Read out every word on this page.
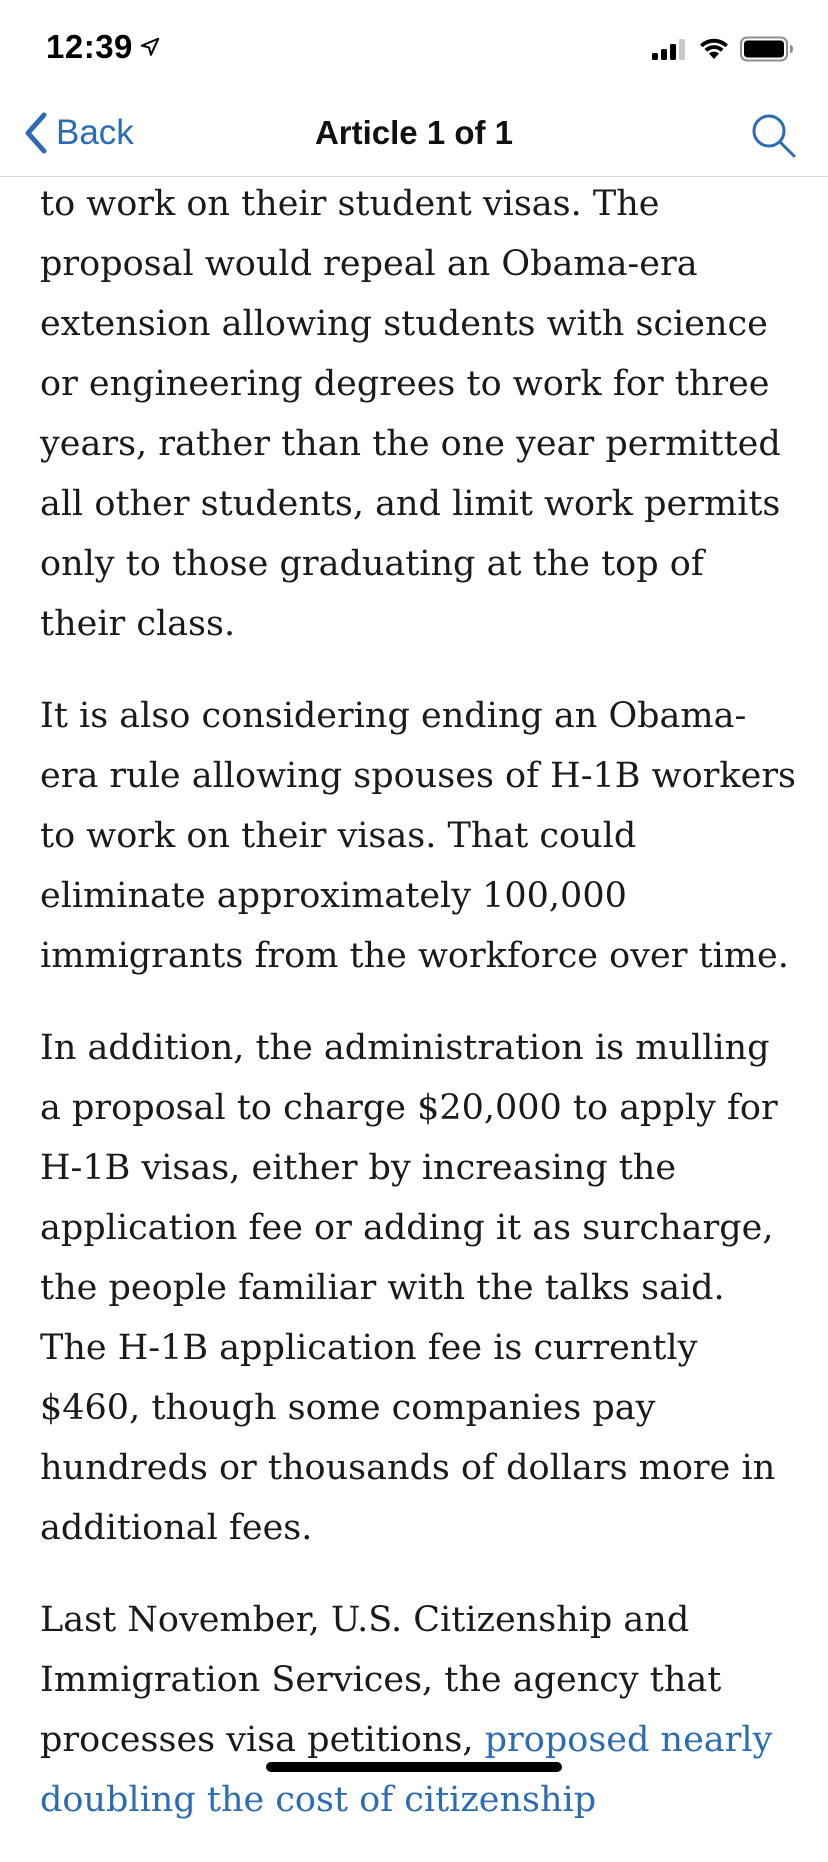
12:39
Back	Article 1 of 1

to work on their student visas. The proposal would repeal an Obama-era extension allowing students with science or engineering degrees to work for three years, rather than the one year permitted all other students, and limit work permits only to those graduating at the top of their class.

It is also considering ending an Obama-era rule allowing spouses of H-1B workers to work on their visas. That could eliminate approximately 100,000 immigrants from the workforce over time.

In addition, the administration is mulling a proposal to charge $20,000 to apply for H-1B visas, either by increasing the application fee or adding it as surcharge, the people familiar with the talks said. The H-1B application fee is currently $460, though some companies pay hundreds or thousands of dollars more in additional fees.

Last November, U.S. Citizenship and Immigration Services, the agency that processes visa petitions, proposed nearly doubling the cost of citizenship
